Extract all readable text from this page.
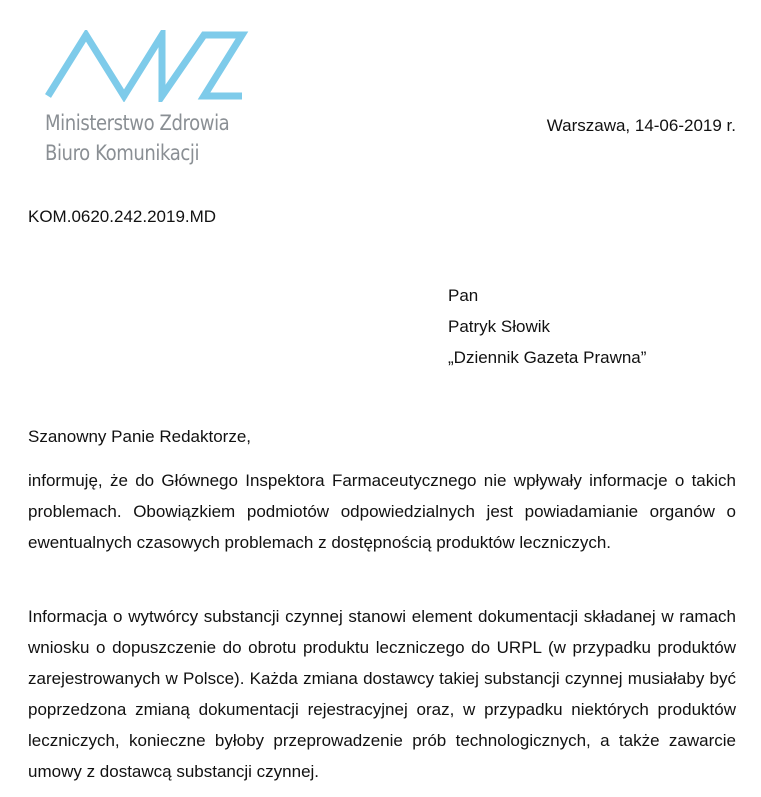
Ministerstwo Zdrowia
Biuro Komunikacji
Warszawa, 14-06-2019 r.
KOM.0620.242.2019.MD
Pan
Patryk Słowik
„Dziennik Gazeta Prawna”
Szanowny Panie Redaktorze,

informuję, że do Głównego Inspektora Farmaceutycznego nie wpływały informacje o takich problemach. Obowiązkiem podmiotów odpowiedzialnych jest powiadamianie organów o ewentualnych czasowych problemach z dostępnością produktów leczniczych.

Informacja o wytwórcy substancji czynnej stanowi element dokumentacji składanej w ramach wniosku o dopuszczenie do obrotu produktu leczniczego do URPL (w przypadku produktów zarejestrowanych w Polsce). Każda zmiana dostawcy takiej substancji czynnej musiałaby być poprzedzona zmianą dokumentacji rejestracyjnej oraz, w przypadku niektórych produktów leczniczych, konieczne byłoby przeprowadzenie prób technologicznych, a także zawarcie umowy z dostawcą substancji czynnej.
